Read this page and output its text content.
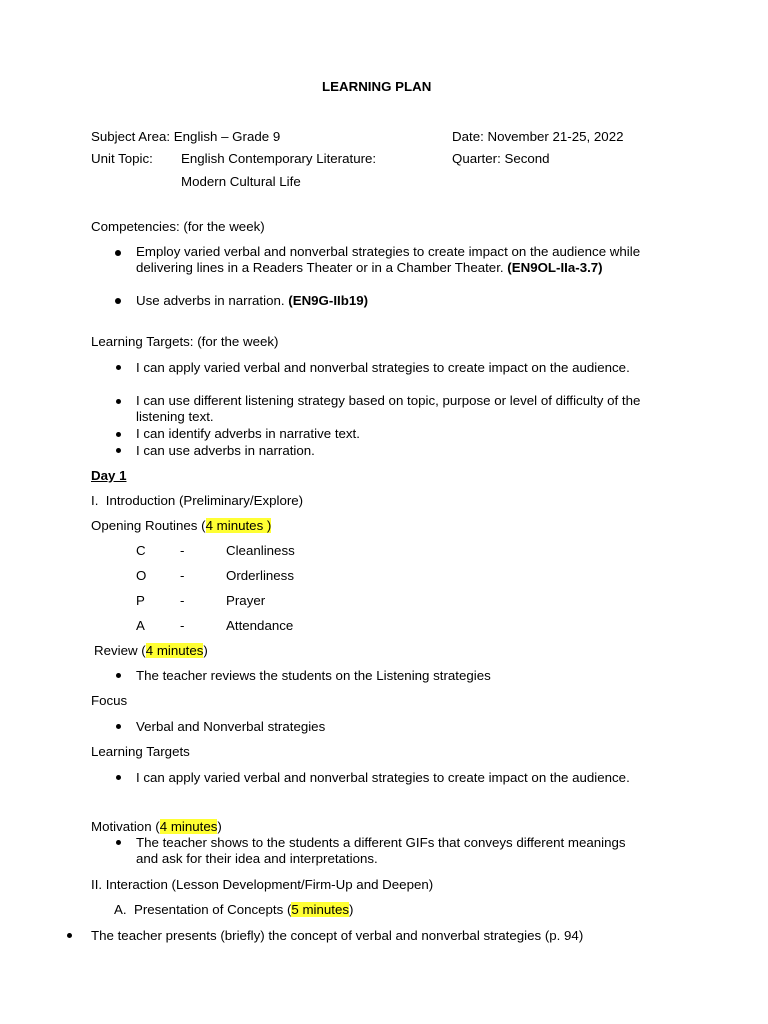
LEARNING PLAN
Subject Area: English – Grade 9	Date: November 21-25, 2022
Unit Topic: English Contemporary Literature:	Quarter: Second
Modern Cultural Life
Competencies: (for the week)
Employ varied verbal and nonverbal strategies to create impact on the audience while delivering lines in a Readers Theater or in a Chamber Theater. (EN9OL-IIa-3.7)
Use adverbs in narration. (EN9G-IIb19)
Learning Targets: (for the week)
I can apply varied verbal and nonverbal strategies to create impact on the audience.
I can use different listening strategy based on topic, purpose or level of difficulty of the listening text.
I can identify adverbs in narrative text.
I can use adverbs in narration.
Day 1
I.  Introduction (Preliminary/Explore)
Opening Routines (4 minutes )
C	-	Cleanliness
O	-	Orderliness
P	-	Prayer
A	-	Attendance
Review (4 minutes)
The teacher reviews the students on the Listening strategies
Focus
Verbal and Nonverbal strategies
Learning Targets
I can apply varied verbal and nonverbal strategies to create impact on the audience.
Motivation (4 minutes)
The teacher shows to the students a different GIFs that conveys different meanings and ask for their idea and interpretations.
II. Interaction (Lesson Development/Firm-Up and Deepen)
A.  Presentation of Concepts (5 minutes)
The teacher presents (briefly) the concept of verbal and nonverbal strategies (p. 94)
